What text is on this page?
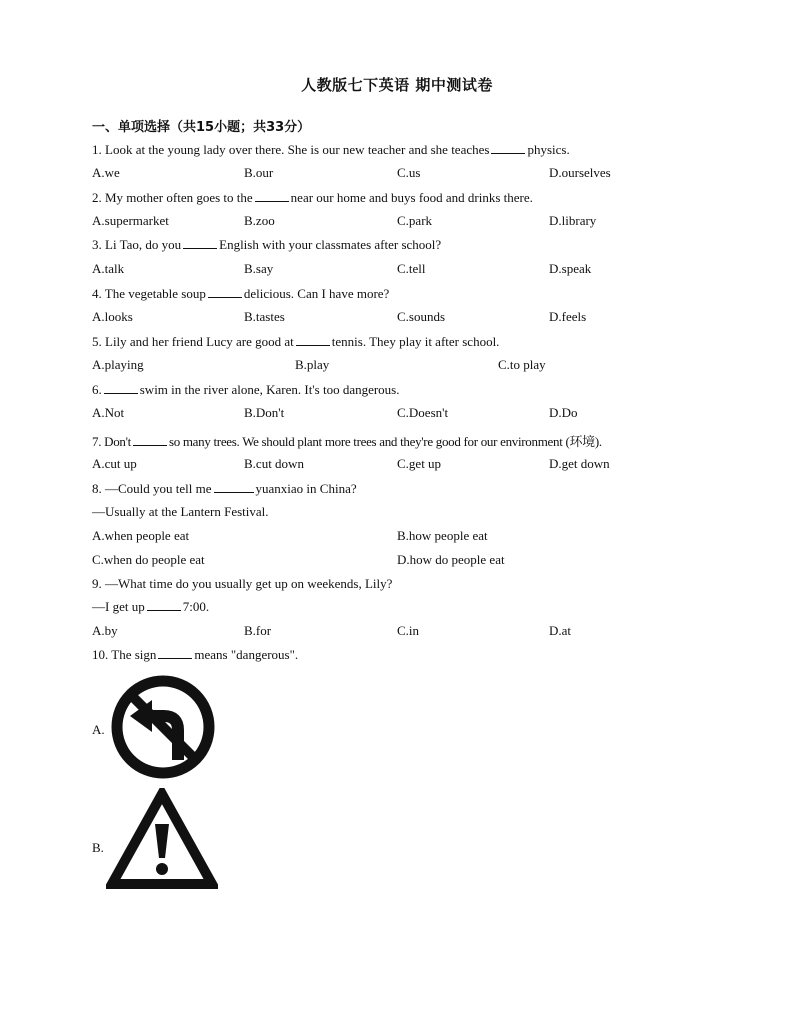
人教版七下英语 期中测试卷
一、单项选择（共15小题；共33分）
1. Look at the young lady over there. She is our new teacher and she teaches	physics.
A.we	B.our	C.us	D.ourselves
2. My mother often goes to the	near our home and buys food and drinks there.
A.supermarket	B.zoo	C.park	D.library
3. Li Tao, do you	English with your classmates after school?
A.talk	B.say	C.tell	D.speak
4. The vegetable soup	delicious. Can I have more?
A.looks	B.tastes	C.sounds	D.feels
5. Lily and her friend Lucy are good at	tennis. They play it after school.
A.playing	B.play	C.to play
6.	swim in the river alone, Karen. It's too dangerous.
A.Not	B.Don't	C.Doesn't	D.Do
7. Don't	so many trees. We should plant more trees and they're good for our environment (环境).
A.cut up	B.cut down	C.get up	D.get down
8. —Could you tell me	yuanxiao in China?
—Usually at the Lantern Festival.
A.when people eat	B.how people eat
C.when do people eat	D.how do people eat
9. —What time do you usually get up on weekends, Lily?
—I get up	7:00.
A.by	B.for	C.in	D.at
10. The sign	means "dangerous".
A.
B.
